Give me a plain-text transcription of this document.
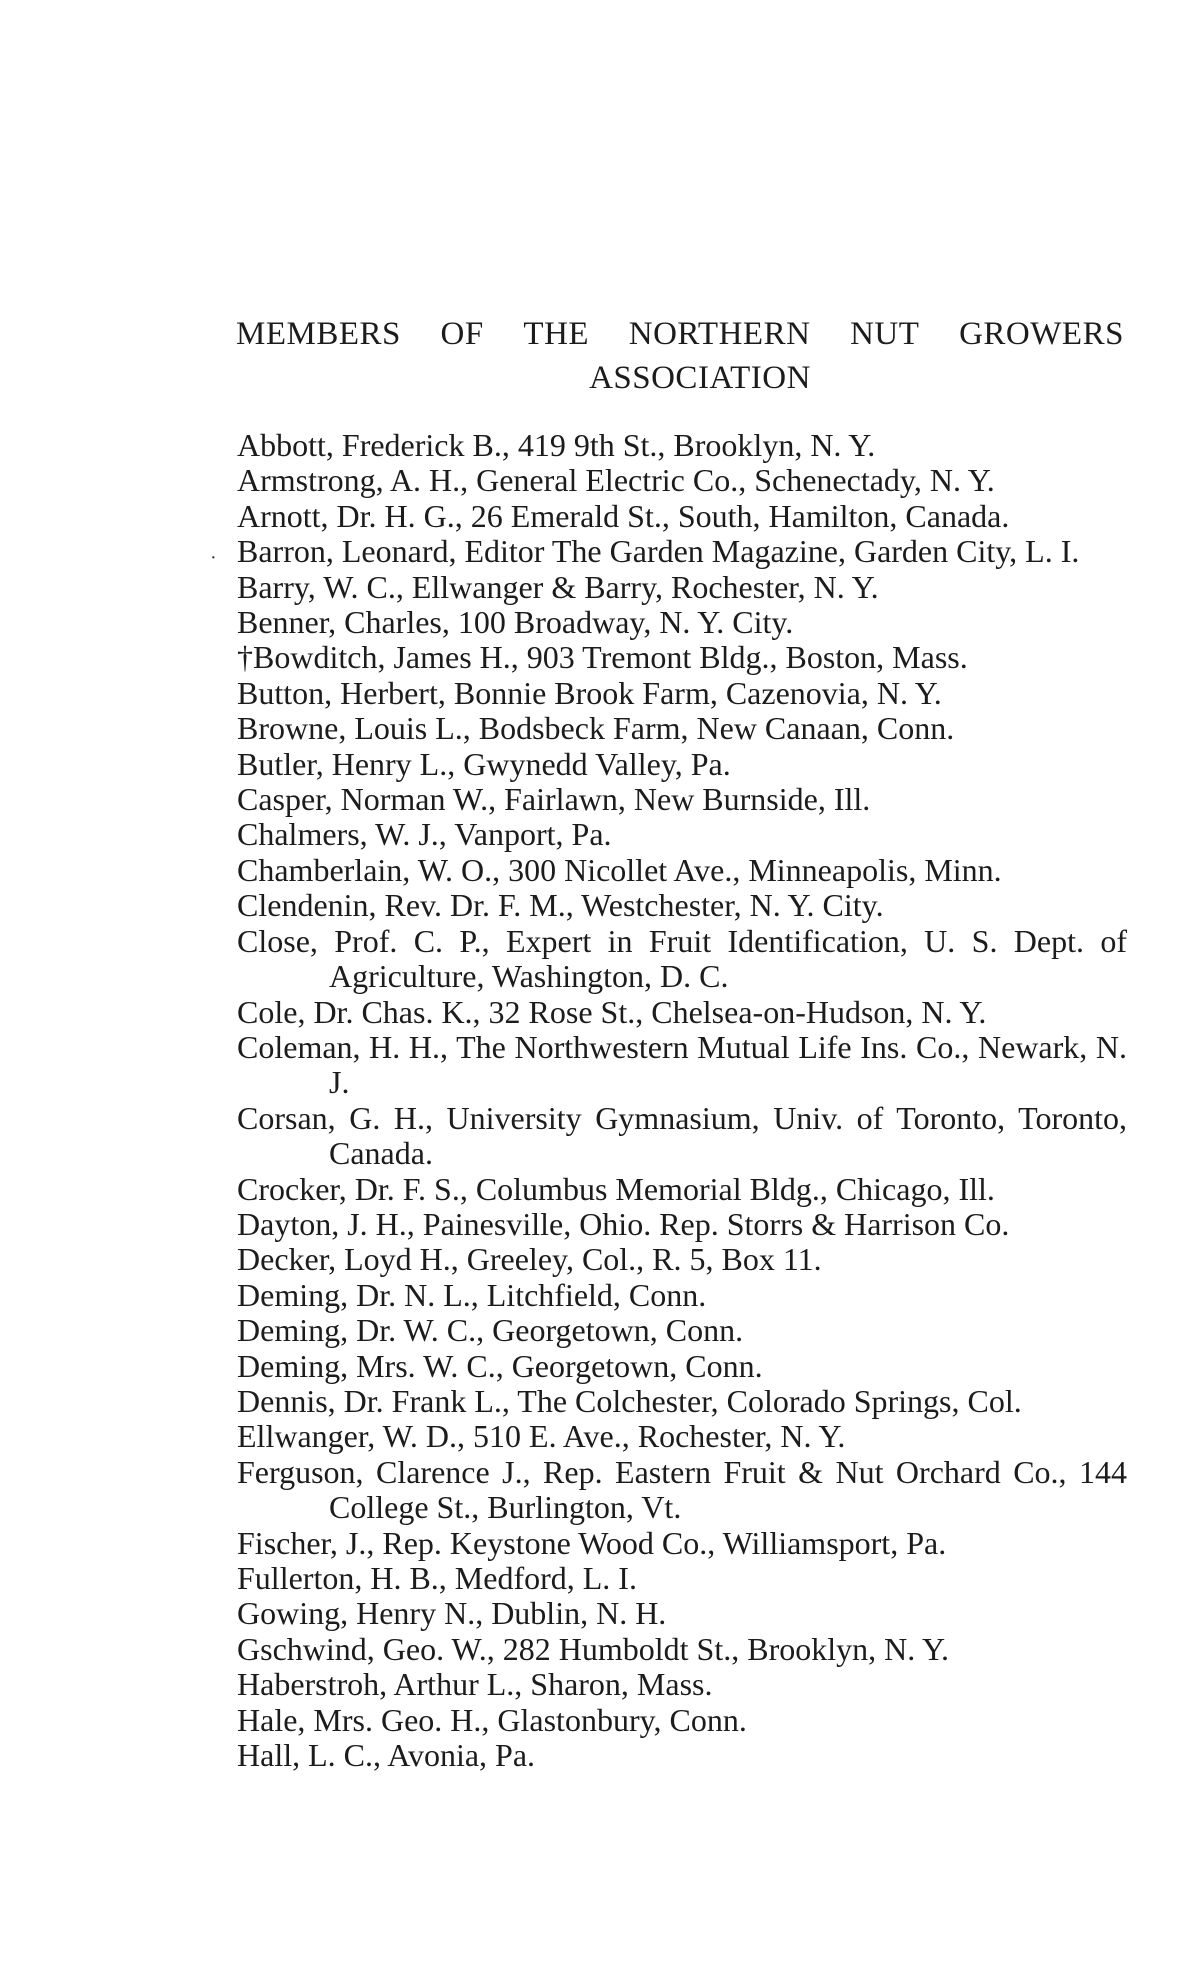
MEMBERS OF THE NORTHERN NUT GROWERS
ASSOCIATION
·
Abbott, Frederick B., 419 9th St., Brooklyn, N. Y.
Armstrong, A. H., General Electric Co., Schenectady, N. Y.
Arnott, Dr. H. G., 26 Emerald St., South, Hamilton, Canada.
Barron, Leonard, Editor The Garden Magazine, Garden City, L. I.
Barry, W. C., Ellwanger & Barry, Rochester, N. Y.
Benner, Charles, 100 Broadway, N. Y. City.
†Bowditch, James H., 903 Tremont Bldg., Boston, Mass.
Button, Herbert, Bonnie Brook Farm, Cazenovia, N. Y.
Browne, Louis L., Bodsbeck Farm, New Canaan, Conn.
Butler, Henry L., Gwynedd Valley, Pa.
Casper, Norman W., Fairlawn, New Burnside, Ill.
Chalmers, W. J., Vanport, Pa.
Chamberlain, W. O., 300 Nicollet Ave., Minneapolis, Minn.
Clendenin, Rev. Dr. F. M., Westchester, N. Y. City.
Close, Prof. C. P., Expert in Fruit Identification, U. S. Dept. of Agriculture, Washington, D. C.
Cole, Dr. Chas. K., 32 Rose St., Chelsea-on-Hudson, N. Y.
Coleman, H. H., The Northwestern Mutual Life Ins. Co., Newark, N. J.
Corsan, G. H., University Gymnasium, Univ. of Toronto, Toronto, Canada.
Crocker, Dr. F. S., Columbus Memorial Bldg., Chicago, Ill.
Dayton, J. H., Painesville, Ohio. Rep. Storrs & Harrison Co.
Decker, Loyd H., Greeley, Col., R. 5, Box 11.
Deming, Dr. N. L., Litchfield, Conn.
Deming, Dr. W. C., Georgetown, Conn.
Deming, Mrs. W. C., Georgetown, Conn.
Dennis, Dr. Frank L., The Colchester, Colorado Springs, Col.
Ellwanger, W. D., 510 E. Ave., Rochester, N. Y.
Ferguson, Clarence J., Rep. Eastern Fruit & Nut Orchard Co., 144 College St., Burlington, Vt.
Fischer, J., Rep. Keystone Wood Co., Williamsport, Pa.
Fullerton, H. B., Medford, L. I.
Gowing, Henry N., Dublin, N. H.
Gschwind, Geo. W., 282 Humboldt St., Brooklyn, N. Y.
Haberstroh, Arthur L., Sharon, Mass.
Hale, Mrs. Geo. H., Glastonbury, Conn.
Hall, L. C., Avonia, Pa.
